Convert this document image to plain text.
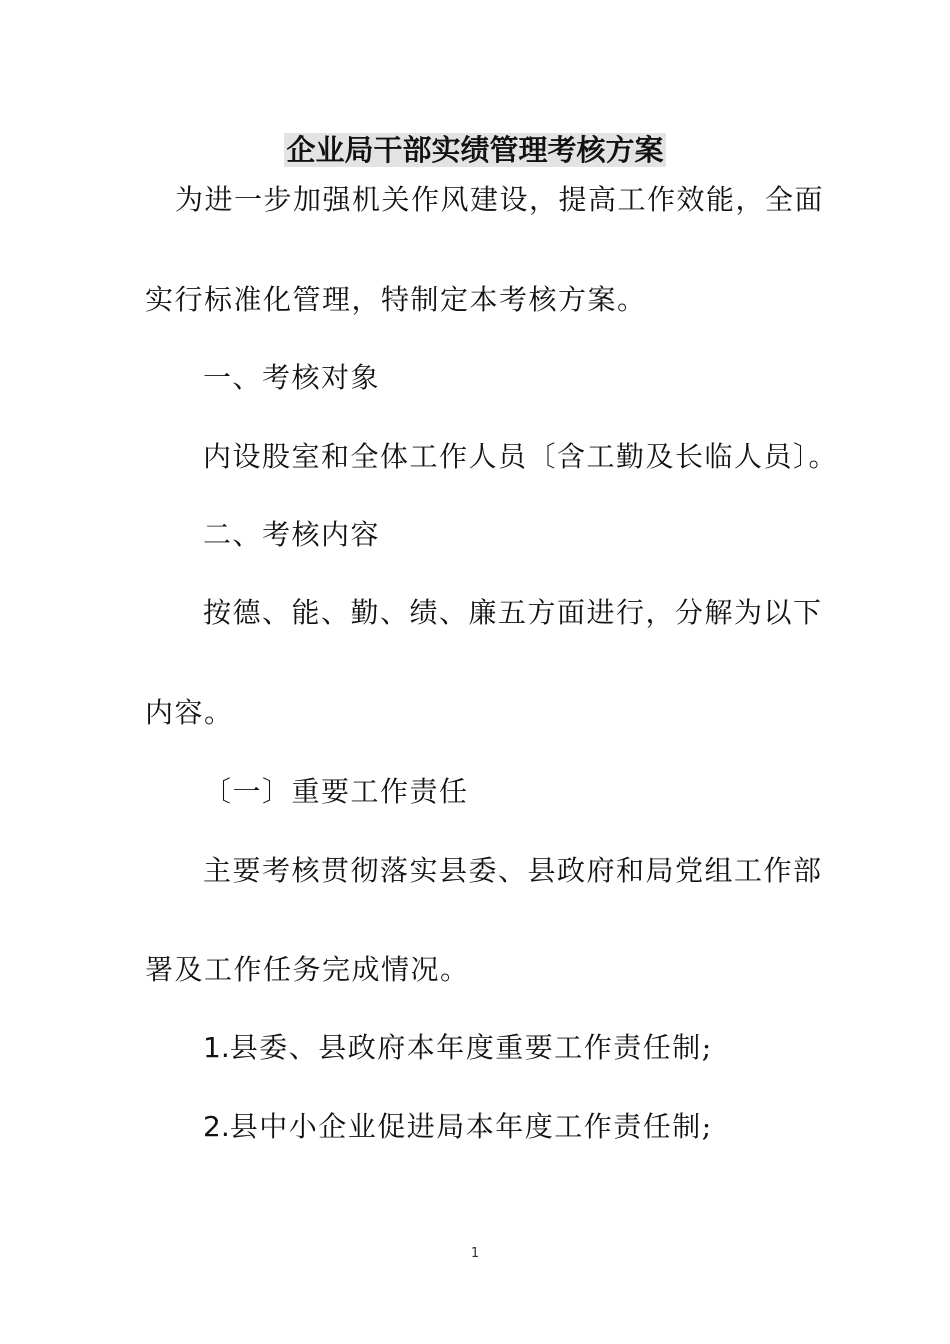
企业局干部实绩管理考核方案
为进一步加强机关作风建设，提高工作效能，全面
实行标准化管理，特制定本考核方案。
一、考核对象
内设股室和全体工作人员〔含工勤及长临人员〕。
二、考核内容
按德、能、勤、绩、廉五方面进行，分解为以下
内容。
〔一〕重要工作责任
主要考核贯彻落实县委、县政府和局党组工作部
署及工作任务完成情况。
1.县委、县政府本年度重要工作责任制;
2.县中小企业促进局本年度工作责任制;
1
